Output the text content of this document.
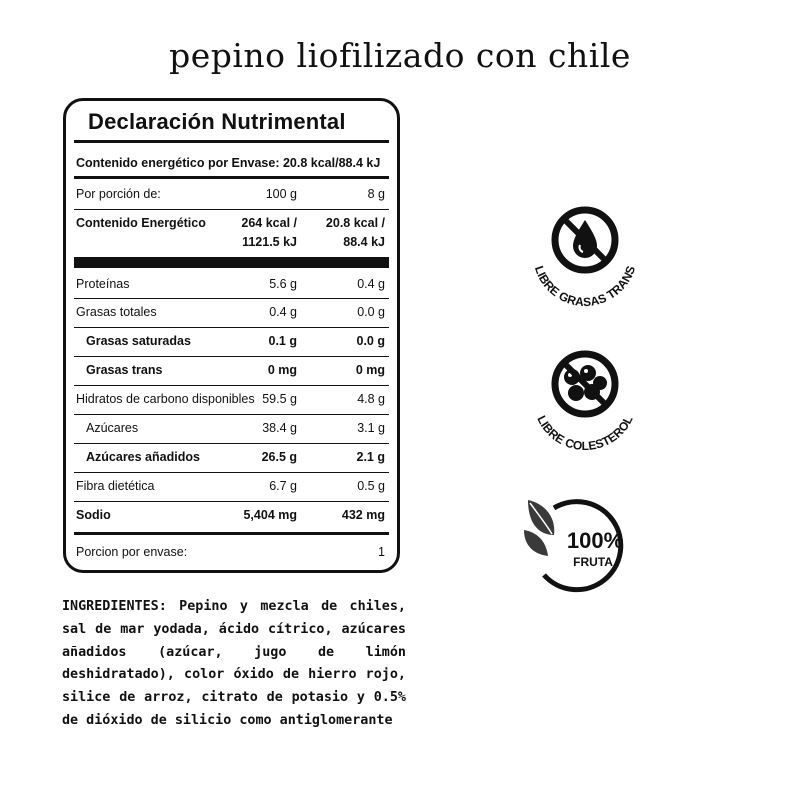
pepino liofilizado con chile
Declaración Nutrimental
Contenido energético por Envase: 20.8 kcal/88.4 kJ
Por porción de:	100 g	8 g
Contenido Energético	264 kcal /	20.8 kcal /
1121.5 kJ	88.4 kJ
Proteínas	5.6 g	0.4 g
Grasas totales	0.4 g	0.0 g
Grasas saturadas	0.1 g	0.0 g
Grasas trans	0 mg	0 mg
Hidratos de carbono disponibles 59.5 g	4.8 g
Azúcares	38.4 g	3.1 g
Azúcares añadidos	26.5 g	2.1 g
Fibra dietética	6.7 g	0.5 g
Sodio	5,404 mg	432 mg
Porcion por envase:	1
INGREDIENTES: Pepino y mezcla de chiles, sal de mar yodada, ácido cítrico, azúcares añadidos (azúcar, jugo de limón deshidratado), color óxido de hierro rojo, silice de arroz, citrato de potasio y 0.5% de dióxido de silicio como antiglomerante
LIBRE GRASAS TRANS
LIBRE COLESTEROL
100%
FRUTA
